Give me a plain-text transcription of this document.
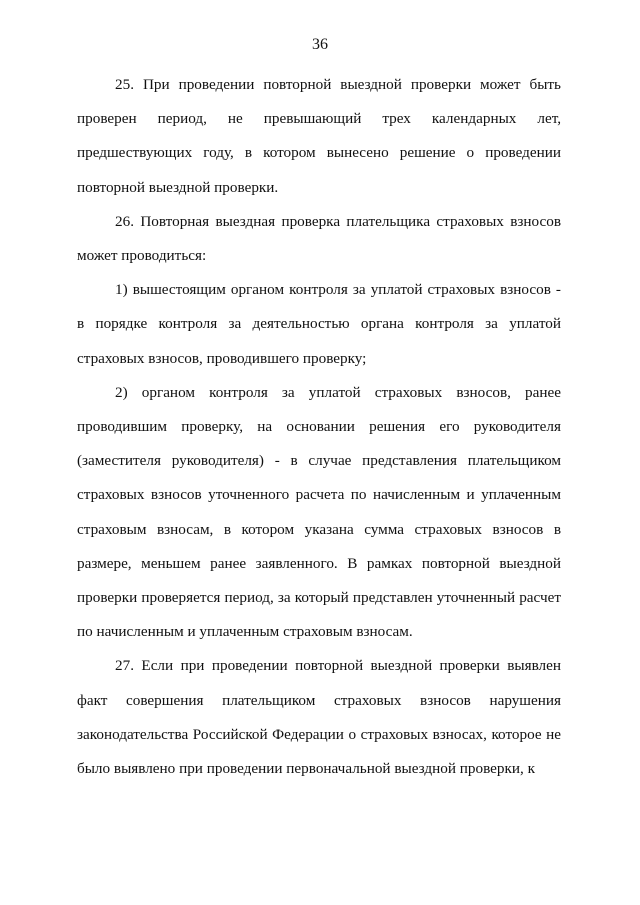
36

25. При проведении повторной выездной проверки может быть проверен период, не превышающий трех календарных лет, предшествующих году, в котором вынесено решение о проведении повторной выездной проверки.

26. Повторная выездная проверка плательщика страховых взносов может проводиться:

1) вышестоящим органом контроля за уплатой страховых взносов - в порядке контроля за деятельностью органа контроля за уплатой страховых взносов, проводившего проверку;

2) органом контроля за уплатой страховых взносов, ранее проводившим проверку, на основании решения его руководителя (заместителя руководителя) - в случае представления плательщиком страховых взносов уточненного расчета по начисленным и уплаченным страховым взносам, в котором указана сумма страховых взносов в размере, меньшем ранее заявленного. В рамках повторной выездной проверки проверяется период, за который представлен уточненный расчет по начисленным и уплаченным страховым взносам.

27. Если при проведении повторной выездной проверки выявлен факт совершения плательщиком страховых взносов нарушения законодательства Российской Федерации о страховых взносах, которое не было выявлено при проведении первоначальной выездной проверки, к
